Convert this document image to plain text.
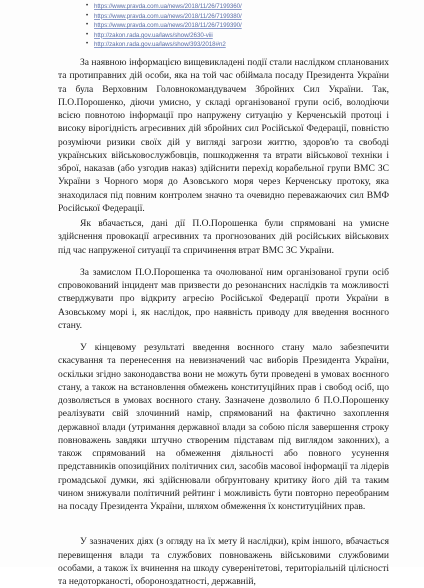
• https://www.pravda.com.ua/news/2018/11/26/7199360/
• https://www.pravda.com.ua/news/2018/11/26/7199380/
• https://www.pravda.com.ua/news/2018/11/26/7199390/
• http://zakon.rada.gov.ua/laws/show/2630-viii
• http://zakon.rada.gov.ua/laws/show/393/2018#n2

За наявною інформацією вищевикладені події стали наслідком спланованих та протиправних дій особи, яка на той час обіймала посаду Президента України та була Верховним Головнокомандувачем Збройних Сил України. Так, П.О.Порошенко, діючи умисно, у складі організованої групи осіб, володіючи всією повнотою інформації про напружену ситуацію у Керченській протоці і високу вірогідність агресивних дій збройних сил Російської Федерації, повністю розуміючи ризики своїх дій у вигляді загрози життю, здоров'ю та свободі українських військовослужбовців, пошкодження та втрати військової техніки і зброї, наказав (або узгодив наказ) здійснити перехід корабельної групи ВМС ЗС України з Чорного моря до Азовського моря через Керченську протоку, яка знаходилася під повним контролем значно та очевидно переважаючих сил ВМФ Російської Федерації.

Як вбачається, дані дії П.О.Порошенка були спрямовані на умисне здійснення провокації агресивних та прогнозованих дій російських військових під час напруженої ситуації та спричинення втрат ВМС ЗС України.

За замислом П.О.Порошенка та очолюваної ним організованої групи осіб спровокований інцидент мав призвести до резонансних наслідків та можливості стверджувати про відкриту агресію Російської Федерації проти України в Азовському морі і, як наслідок, про наявність приводу для введення воєнного стану.

У кінцевому результаті введення воєнного стану мало забезпечити скасування та перенесення на невизначений час виборів Президента України, оскільки згідно законодавства вони не можуть бути проведені в умовах воєнного стану, а також на встановлення обмежень конституційних прав і свобод осіб, що дозволяється в умовах воєнного стану. Зазначене дозволило б П.О.Порошенку реалізувати свій злочинний намір, спрямований на фактично захоплення державної влади (утримання державної влади за собою після завершення строку повноважень завдяки штучно створеним підставам під виглядом законних), а також спрямований на обмеження діяльності або повного усунення представників опозиційних політичних сил, засобів масової інформації та лідерів громадської думки, які здійснювали обґрунтовану критику його дій та таким чином знижували політичний рейтинг і можливість бути повторно переобраним на посаду Президента України, шляхом обмеження їх конституційних прав.

У зазначених діях (з огляду на їх мету й наслідки), крім іншого, вбачається перевищення влади та службових повноважень військовими службовими особами, а також їх вчинення на шкоду суверенітетові, територіальній цілісності та недоторканості, обороноздатності, державній,
